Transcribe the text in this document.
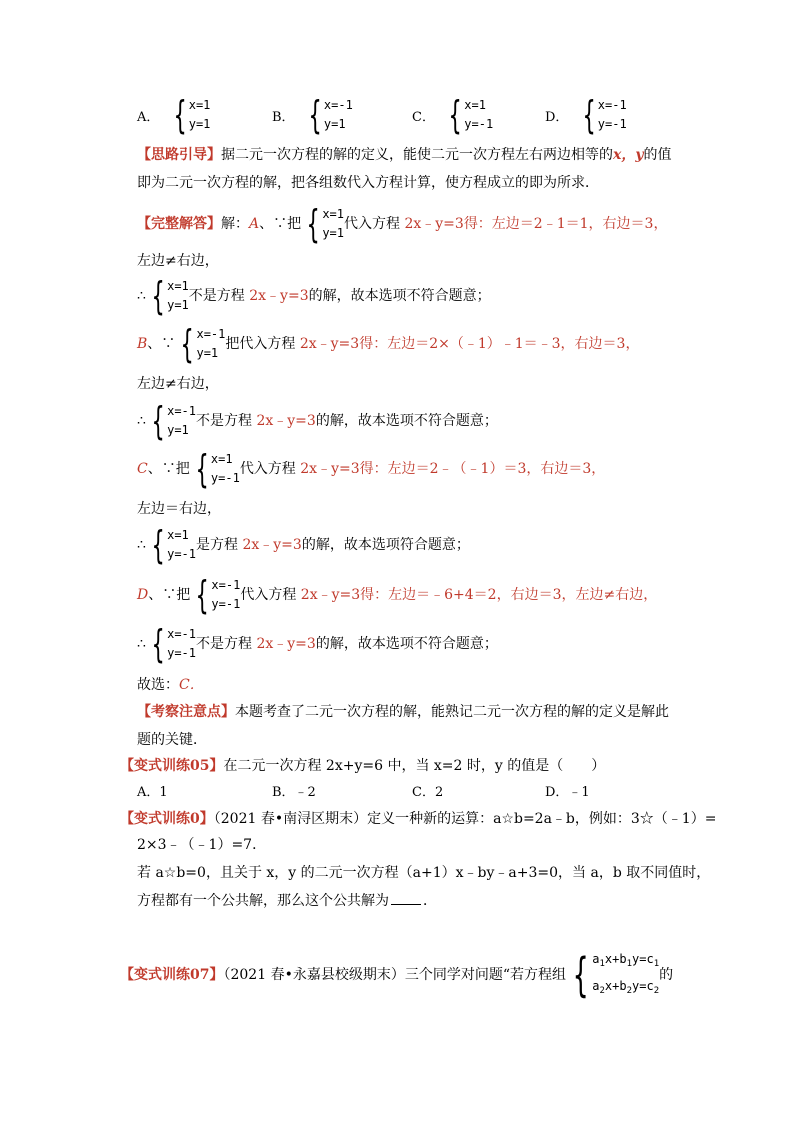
A． { x=1
y=1	B． { x=-1
y=1	C． { x=1
y=-1	D． { x=-1
y=-1
【思路引导】据二元一次方程的解的定义，能使二元一次方程左右两边相等的x，y的值
即为二元一次方程的解，把各组数代入方程计算，使方程成立的即为所求．
【完整解答】解：A、∵把 { x=1
y=1
代入方程 2x﹣y=3得：左边＝2﹣1＝1，右边＝3，
左边≠右边，
∴ { x=1
y=1
不是方程 2x﹣y=3的解，故本选项不符合题意；
B、∵ { x=-1
y=1
把代入方程 2x﹣y=3得：左边＝2×（﹣1）﹣1＝﹣3，右边＝3，
左边≠右边，
∴ { x=-1
y=1
不是方程 2x﹣y=3的解，故本选项不符合题意；
C、∵把 { x=1
y=-1
代入方程 2x﹣y=3得：左边＝2﹣（﹣1）＝3，右边＝3，
左边＝右边，
∴ { x=1
y=-1
是方程 2x﹣y=3的解，故本选项符合题意；
D、∵把 { x=-1
y=-1
代入方程 2x﹣y=3得：左边＝﹣6+4＝2，右边＝3，左边≠右边，
∴ { x=-1
y=-1
不是方程 2x﹣y=3的解，故本选项不符合题意；
故选：C．
【考察注意点】本题考查了二元一次方程的解，能熟记二元一次方程的解的定义是解此
题的关键．
【变式训练05】在二元一次方程 2x+y=6 中，当 x=2 时，y 的值是（　　）
A．1	B．﹣2	C．2	D．﹣1
【变式训练0】（2021 春•南浔区期末）定义一种新的运算：a☆b=2a﹣b，例如：3☆（﹣1）=
2×3﹣（﹣1）=7．
若 a☆b=0，且关于 x，y 的二元一次方程（a+1）x﹣by﹣a+3=0，当 a，b 取不同值时，
方程都有一个公共解，那么这个公共解为 ．
【变式训练07】（2021 春•永嘉县校级期末）三个同学对问题“若方程组 { $a_1x+b_1y=c_1$
$a_2x+b_2y=c_2$
的
